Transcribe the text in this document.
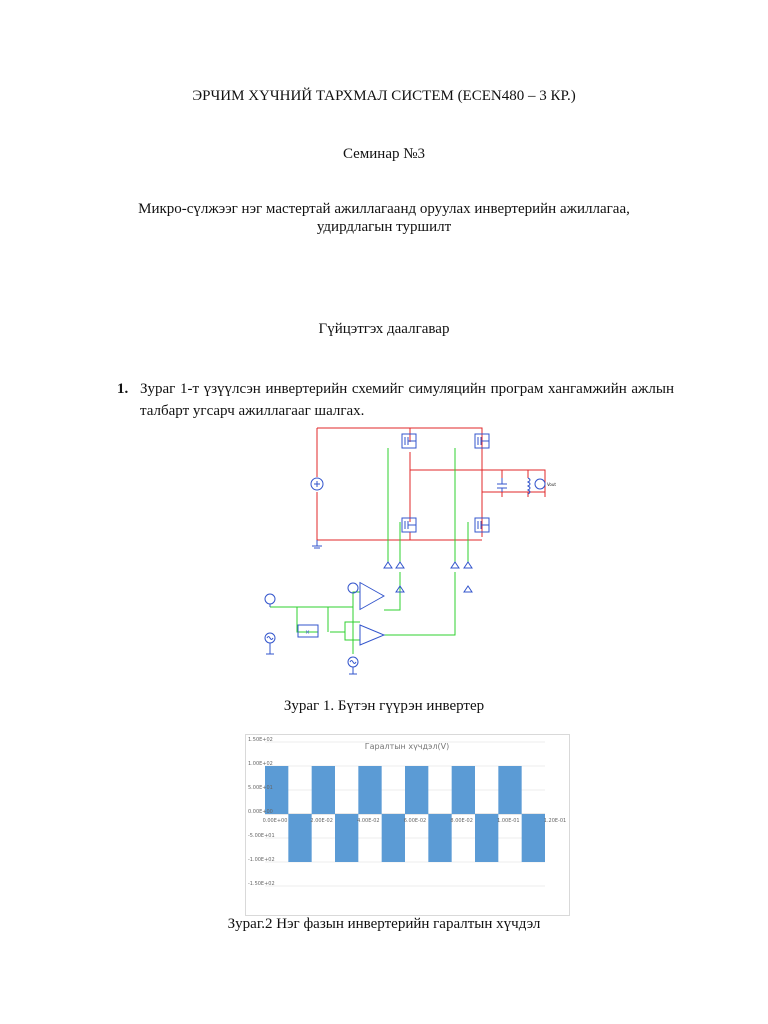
ЭРЧИМ ХҮЧНИЙ ТАРХМАЛ СИСТЕМ (ECEN480 – 3 КР.)
Семинар №3
Микро-сүлжээг нэг мастертай ажиллагаанд оруулах инвертерийн ажиллагаа,
удирдлагын туршилт
Гүйцэтгэх даалгавар
1. Зураг 1-т үзүүлсэн инвертерийн схемийг симуляцийн програм хангамжийн ажлын талбарт угсарч ажиллагааг шалгах.
Vout
×
Зураг 1. Бүтэн гүүрэн инвертер
1.50E+02
1.00E+02
5.00E+01
0.00E+00
-5.00E+01
-1.00E+02
-1.50E+02
0.00E+00	2.00E-02	4.00E-02	6.00E-02	8.00E-02	1.00E-01	1.20E-01
Гаралтын хүчдэл(V)
Зураг.2 Нэг фазын инвертерийн гаралтын хүчдэл
